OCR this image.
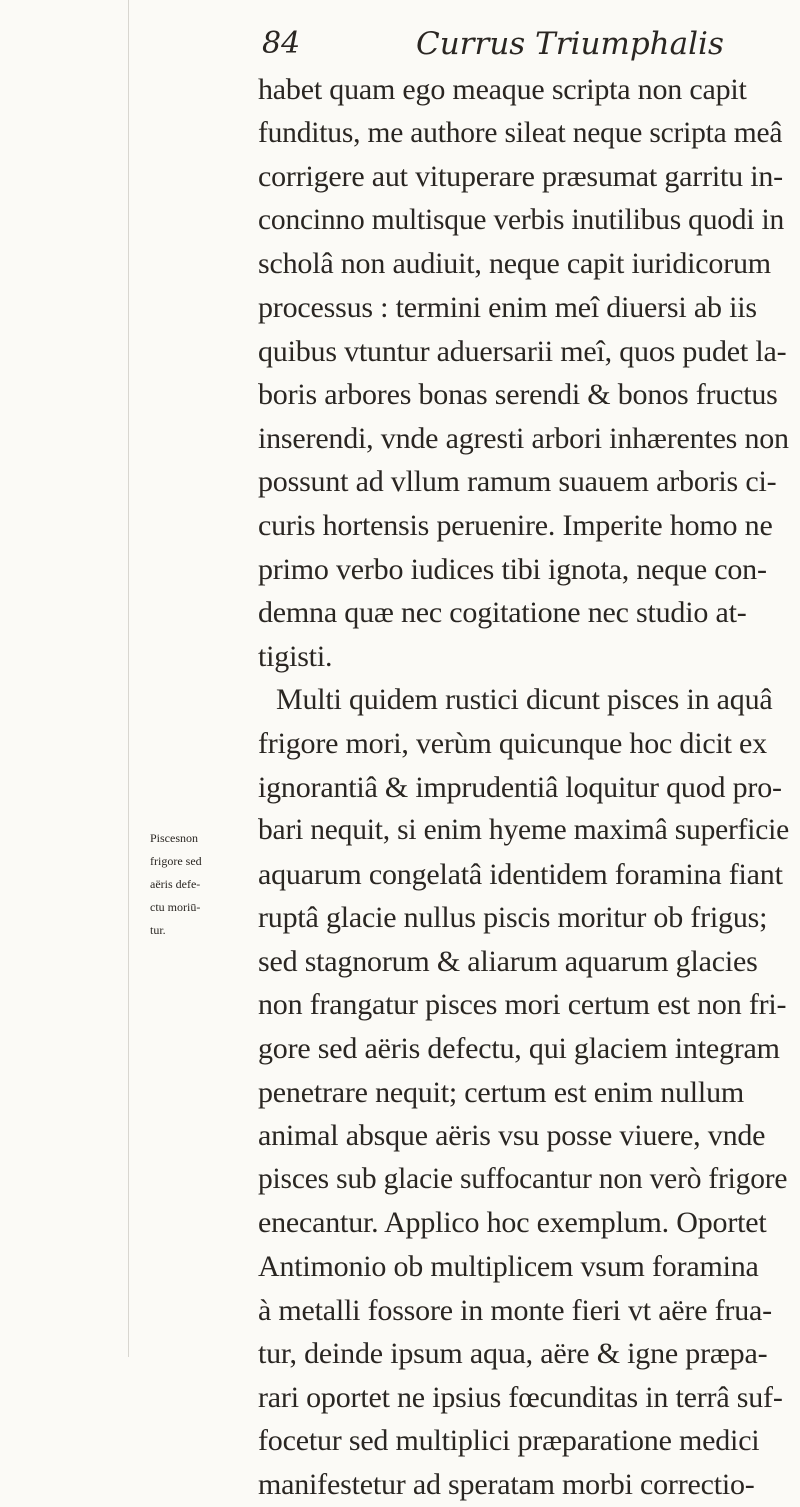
84	Currus Triumphalis
Piscesnon
frigore sed
aëris defe-
ctu moriū-
tur.
habet quam ego meaque scripta non capit
funditus, me authore sileat neque scripta meâ
corrigere aut vituperare præsumat garritu in-
concinno multisque verbis inutilibus quodi in
scholâ non audiuit, neque capit iuridicorum
processus : termini enim meî diuersi ab iis
quibus vtuntur aduersarii meî, quos pudet la-
boris arbores bonas serendi & bonos fructus
inserendi, vnde agresti arbori inhærentes non
possunt ad vllum ramum suauem arboris ci-
curis hortensis peruenire. Imperite homo ne
primo verbo iudices tibi ignota, neque con-
demna quæ nec cogitatione nec studio at-
tigisti.
Multi quidem rustici dicunt pisces in aquâ
frigore mori, verùm quicunque hoc dicit ex
ignorantiâ & imprudentiâ loquitur quod pro-
bari nequit, si enim hyeme maximâ superficie
aquarum congelatâ identidem foramina fiant
ruptâ glacie nullus piscis moritur ob frigus;
sed stagnorum & aliarum aquarum glacies
non frangatur pisces mori certum est non fri-
gore sed aëris defectu, qui glaciem integram
penetrare nequit; certum est enim nullum
animal absque aëris vsu posse viuere, vnde
pisces sub glacie suffocantur non verò frigore
enecantur. Applico hoc exemplum. Oportet
Antimonio ob multiplicem vsum foramina
à metalli fossore in monte fieri vt aëre frua-
tur, deinde ipsum aqua, aëre & igne præpa-
rari oportet ne ipsius fœcunditas in terrâ suf-
focetur sed multiplici præparatione medici
manifestetur ad speratam morbi correctio-
